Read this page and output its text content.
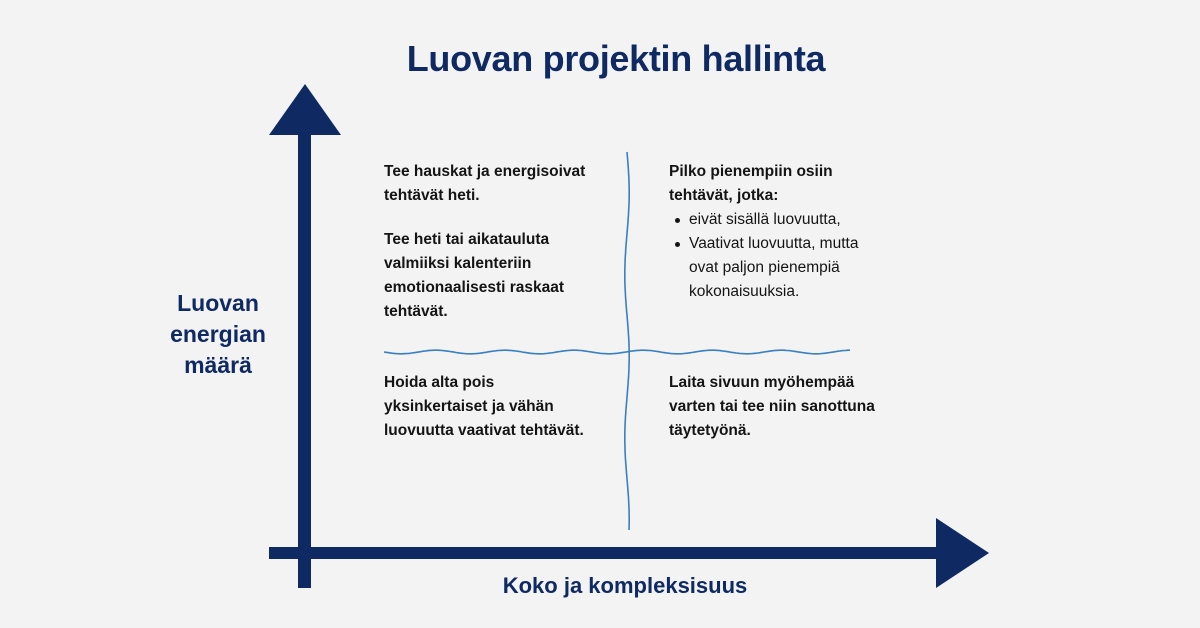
Luovan projektin hallinta
Luovan
energian
määrä
Koko ja kompleksisuus

Tee hauskat ja energisoivat tehtävät heti.

Tee heti tai aikatauluta valmiiksi kalenteriin emotionaalisesti raskaat tehtävät.

Pilko pienempiin osiin tehtävät, jotka:

eivät sisällä luovuutta,
Vaativat luovuutta, mutta ovat paljon pienempiä kokonaisuuksia.

Hoida alta pois yksinkertaiset ja vähän luovuutta vaativat tehtävät.

Laita sivuun myöhempää varten tai tee niin sanottuna täytetyönä.
